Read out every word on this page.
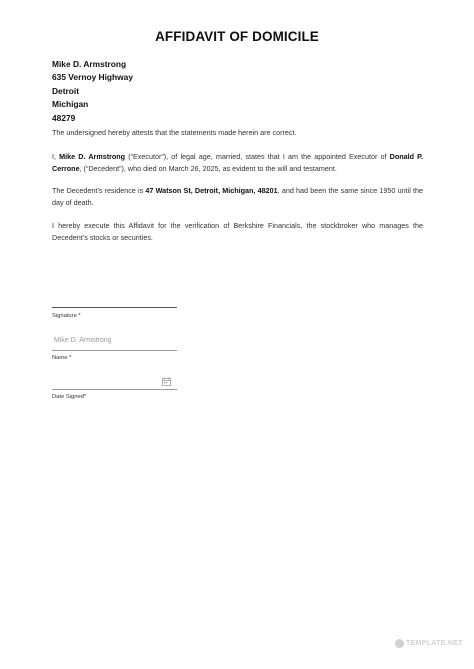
AFFIDAVIT OF DOMICILE
Mike D. Armstrong
635 Vernoy Highway
Detroit
Michigan
48279
The undersigned hereby attests that the statements made herein are correct.
I, Mike D. Armstrong (“Executor”), of legal age, married, states that I am the appointed Executor of Donald P. Cerrone, (“Decedent”), who died on March 26, 2025, as evident to the will and testament.
The Decedent’s residence is 47 Watson St, Detroit, Michigan, 48201, and had been the same since 1950 until the day of death.
I hereby execute this Affidavit for the verification of Berkshire Financials, the stockbroker who manages the Decedent’s stocks or securities.
Signature *
Mike D. Armstrong
Name *
Date Signed*
TEMPLATE.NET
